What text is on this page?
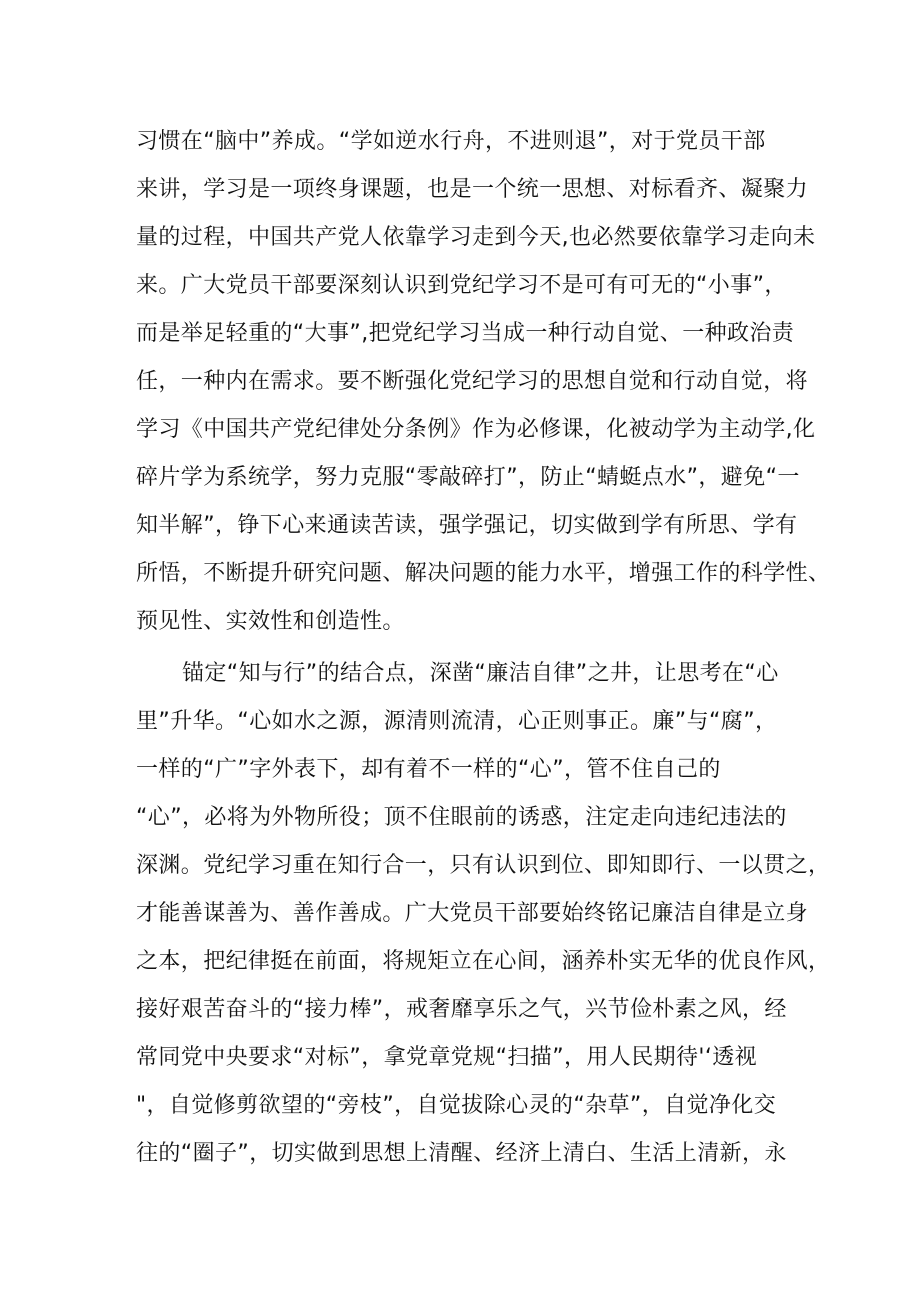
习惯在“脑中”养成。“学如逆水行舟，不进则退”，对于党员干部
来讲，学习是一项终身课题，也是一个统一思想、对标看齐、凝聚力
量的过程，中国共产党人依靠学习走到今天,也必然要依靠学习走向未
来。广大党员干部要深刻认识到党纪学习不是可有可无的“小事”，
而是举足轻重的“大事”,把党纪学习当成一种行动自觉、一种政治责
任，一种内在需求。要不断强化党纪学习的思想自觉和行动自觉，将
学习《中国共产党纪律处分条例》作为必修课，化被动学为主动学,化
碎片学为系统学，努力克服“零敲碎打”，防止“蜻蜓点水”，避免“一
知半解”，铮下心来通读苦读，强学强记，切实做到学有所思、学有
所悟，不断提升研究问题、解决问题的能力水平，增强工作的科学性、
预见性、实效性和创造性。
锚定“知与行”的结合点，深凿“廉洁自律”之井，让思考在“心
里”升华。“心如水之源，源清则流清，心正则事正。廉”与“腐”，
一样的“广”字外表下，却有着不一样的“心”，管不住自己的
“心”，必将为外物所役；顶不住眼前的诱惑，注定走向违纪违法的
深渊。党纪学习重在知行合一，只有认识到位、即知即行、一以贯之，
才能善谋善为、善作善成。广大党员干部要始终铭记廉洁自律是立身
之本，把纪律挺在前面，将规矩立在心间，涵养朴实无华的优良作风，
接好艰苦奋斗的“接力棒”，戒奢靡享乐之气，兴节俭朴素之风，经
常同党中央要求“对标”，拿党章党规“扫描”，用人民期待'‘透视
"，自觉修剪欲望的“旁枝”，自觉拔除心灵的“杂草”，自觉净化交
往的“圈子”，切实做到思想上清醒、经济上清白、生活上清新，永
